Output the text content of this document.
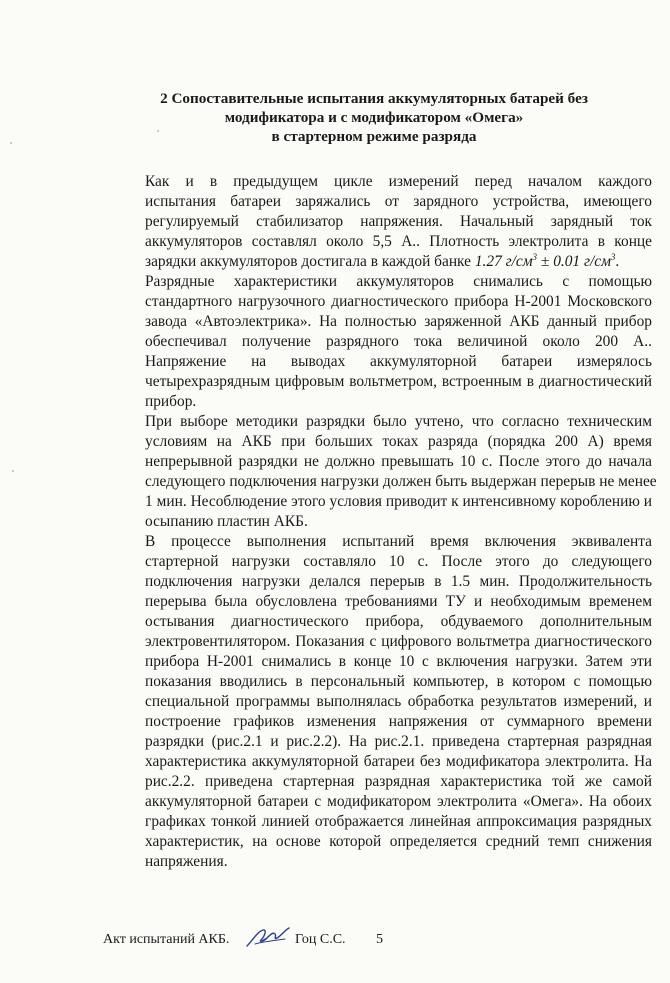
2 Сопоставительные испытания аккумуляторных батарей без
модификатора и с модификатором «Омега»
в стартерном режиме разряда

Как и в предыдущем цикле измерений перед началом каждого
испытания батареи заряжались от зарядного устройства, имеющего
регулируемый стабилизатор напряжения. Начальный зарядный ток
аккумуляторов составлял около 5,5 А.. Плотность электролита в конце
зарядки аккумуляторов достигала в каждой банке 1.27 $г/см^3 \pm 0.01$ $г/см^3$.

Разрядные характеристики аккумуляторов снимались с помощью
стандартного нагрузочного диагностического прибора Н-2001 Московского
завода «Автоэлектрика». На полностью заряженной АКБ данный прибор
обеспечивал получение разрядного тока величиной около 200 А..
Напряжение на выводах аккумуляторной батареи измерялось
четырехразрядным цифровым вольтметром, встроенным в диагностический
прибор.

При выборе методики разрядки было учтено, что согласно техническим
условиям на АКБ при больших токах разряда (порядка 200 А) время
непрерывной разрядки не должно превышать 10 с. После этого до начала
следующего подключения нагрузки должен быть выдержан перерыв не менее
1 мин. Несоблюдение этого условия приводит к интенсивному короблению и
осыпанию пластин АКБ.

В процессе выполнения испытаний время включения эквивалента
стартерной нагрузки составляло 10 с. После этого до следующего
подключения нагрузки делался перерыв в 1.5 мин. Продолжительность
перерыва была обусловлена требованиями ТУ и необходимым временем
остывания диагностического прибора, обдуваемого дополнительным
электровентилятором. Показания с цифрового вольтметра диагностического
прибора Н-2001 снимались в конце 10 с включения нагрузки. Затем эти
показания вводились в персональный компьютер, в котором с помощью
специальной программы выполнялась обработка результатов измерений, и
построение графиков изменения напряжения от суммарного времени
разрядки (рис.2.1 и рис.2.2). На рис.2.1. приведена стартерная разрядная
характеристика аккумуляторной батареи без модификатора электролита. На
рис.2.2. приведена стартерная разрядная характеристика той же самой
аккумуляторной батареи с модификатором электролита «Омега». На обоих
графиках тонкой линией отображается линейная аппроксимация разрядных
характеристик, на основе которой определяется средний темп снижения
напряжения.

Акт испытаний АКБ.	Гоц С.С. 5
